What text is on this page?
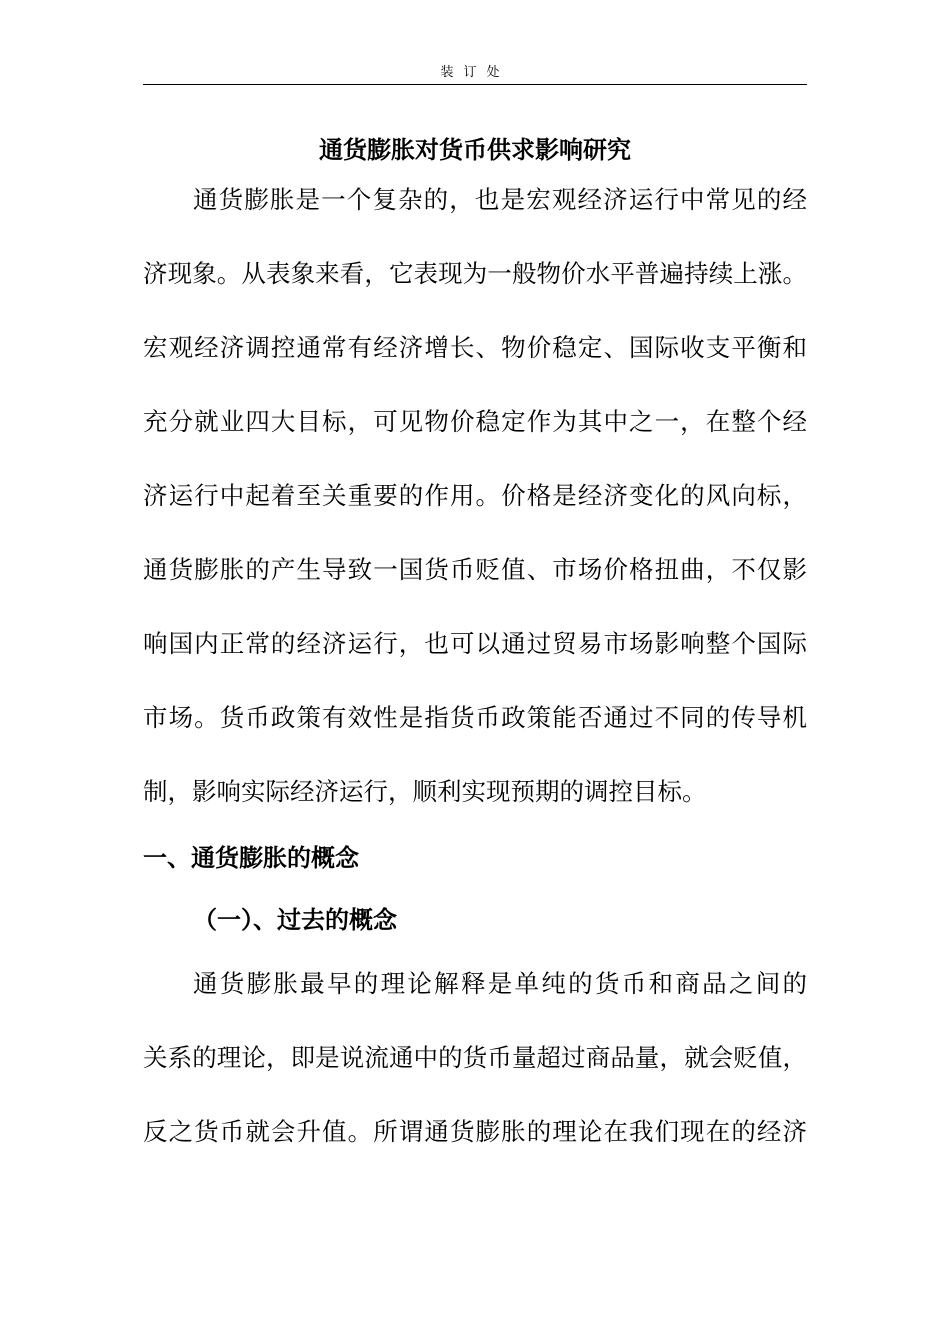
装订处
通货膨胀对货币供求影响研究
通货膨胀是一个复杂的，也是宏观经济运行中常见的经
济现象。从表象来看，它表现为一般物价水平普遍持续上涨。
宏观经济调控通常有经济增长、物价稳定、国际收支平衡和
充分就业四大目标，可见物价稳定作为其中之一，在整个经
济运行中起着至关重要的作用。价格是经济变化的风向标，
通货膨胀的产生导致一国货币贬值、市场价格扭曲，不仅影
响国内正常的经济运行，也可以通过贸易市场影响整个国际
市场。货币政策有效性是指货币政策能否通过不同的传导机
制，影响实际经济运行，顺利实现预期的调控目标。
一、通货膨胀的概念
（一）、过去的概念
通货膨胀最早的理论解释是单纯的货币和商品之间的
关系的理论，即是说流通中的货币量超过商品量，就会贬值，
反之货币就会升值。所谓通货膨胀的理论在我们现在的经济
